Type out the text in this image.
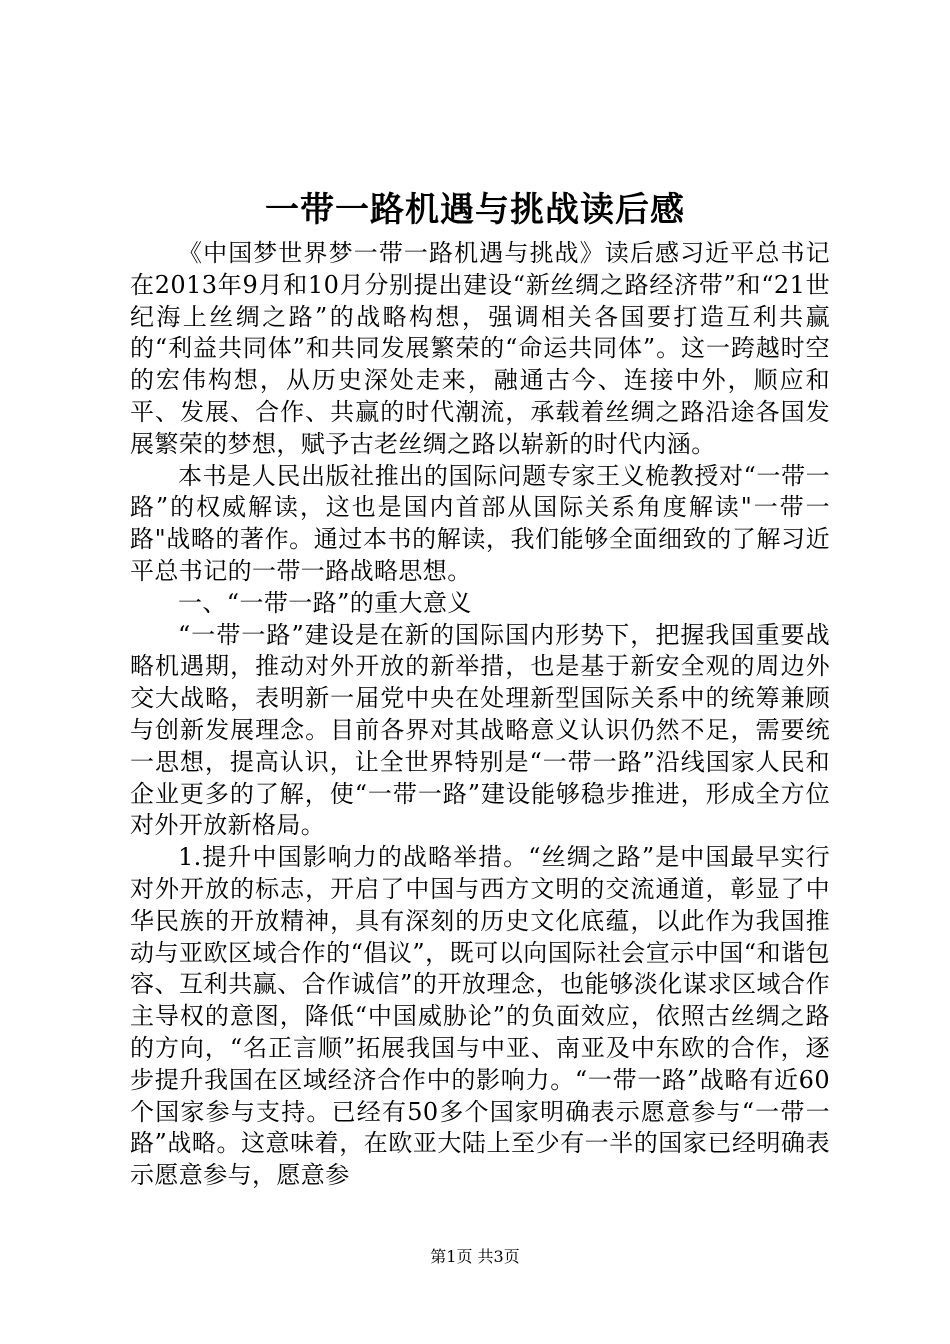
一带一路机遇与挑战读后感

《中国梦世界梦一带一路机遇与挑战》读后感习近平总书记在2013年9月和10月分别提出建设“新丝绸之路经济带”和“21世纪海上丝绸之路”的战略构想，强调相关各国要打造互利共赢的“利益共同体”和共同发展繁荣的“命运共同体”。这一跨越时空的宏伟构想，从历史深处走来，融通古今、连接中外，顺应和平、发展、合作、共赢的时代潮流，承载着丝绸之路沿途各国发展繁荣的梦想，赋予古老丝绸之路以崭新的时代内涵。

本书是人民出版社推出的国际问题专家王义桅教授对“一带一路”的权威解读，这也是国内首部从国际关系角度解读"一带一路"战略的著作。通过本书的解读，我们能够全面细致的了解习近平总书记的一带一路战略思想。

一、“一带一路”的重大意义

“一带一路”建设是在新的国际国内形势下，把握我国重要战略机遇期，推动对外开放的新举措，也是基于新安全观的周边外交大战略，表明新一届党中央在处理新型国际关系中的统筹兼顾与创新发展理念。目前各界对其战略意义认识仍然不足，需要统一思想，提高认识，让全世界特别是“一带一路”沿线国家人民和企业更多的了解，使“一带一路”建设能够稳步推进，形成全方位对外开放新格局。

1.提升中国影响力的战略举措。“丝绸之路”是中国最早实行对外开放的标志，开启了中国与西方文明的交流通道，彰显了中华民族的开放精神，具有深刻的历史文化底蕴，以此作为我国推动与亚欧区域合作的“倡议”，既可以向国际社会宣示中国“和谐包容、互利共赢、合作诚信”的开放理念，也能够淡化谋求区域合作主导权的意图，降低“中国威胁论”的负面效应，依照古丝绸之路的方向，“名正言顺”拓展我国与中亚、南亚及中东欧的合作，逐步提升我国在区域经济合作中的影响力。“一带一路”战略有近60个国家参与支持。已经有50多个国家明确表示愿意参与“一带一路”战略。这意味着，在欧亚大陆上至少有一半的国家已经明确表示愿意参与，愿意参

第1页 共3页
